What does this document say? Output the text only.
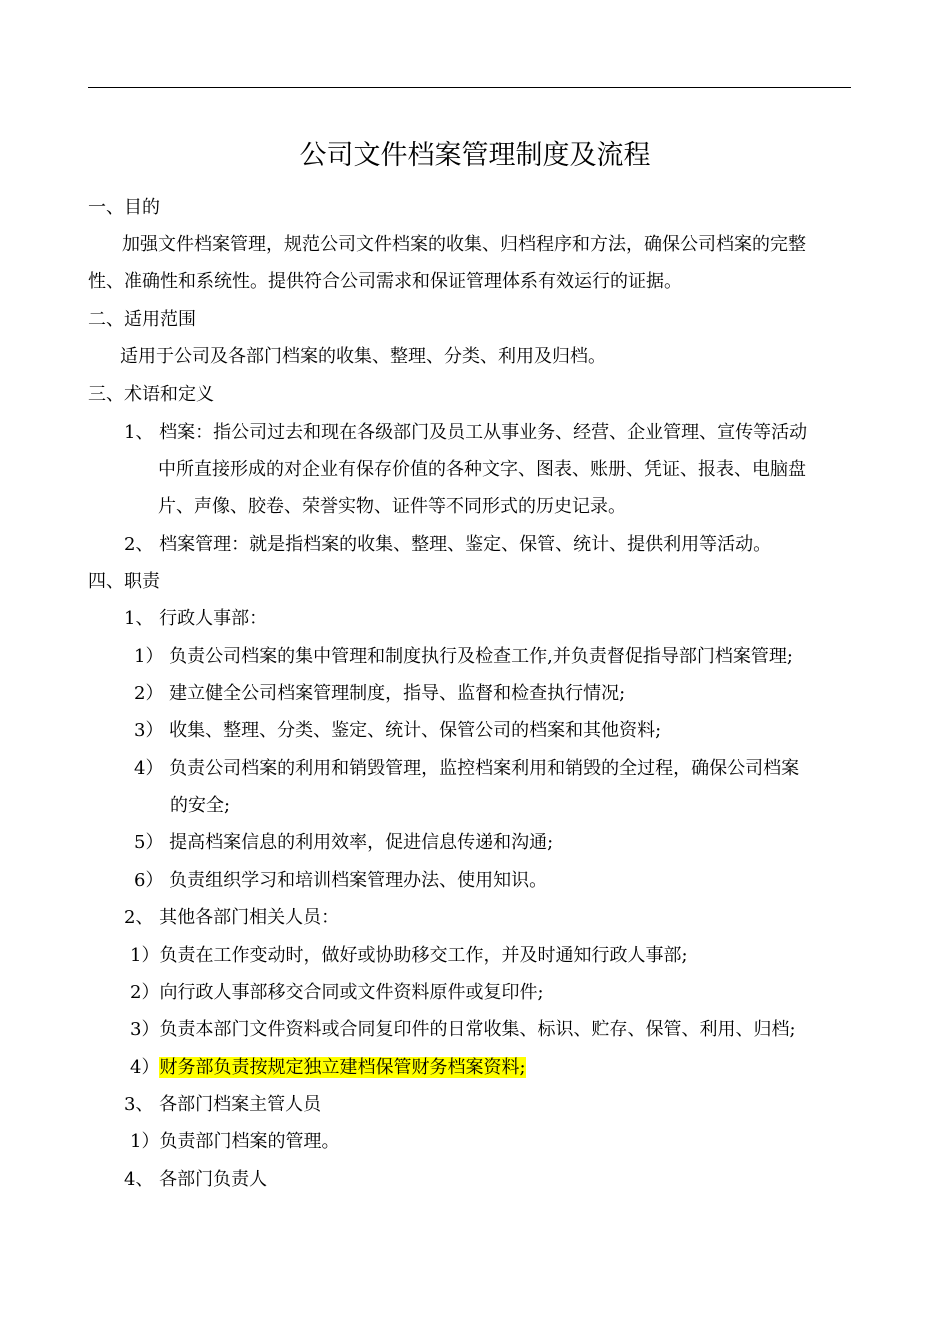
公司文件档案管理制度及流程

一、目的

加强文件档案管理，规范公司文件档案的收集、归档程序和方法，确保公司档案的完整

性、准确性和系统性。提供符合公司需求和保证管理体系有效运行的证据。

二、适用范围

适用于公司及各部门档案的收集、整理、分类、利用及归档。

三、术语和定义

1、 档案：指公司过去和现在各级部门及员工从事业务、经营、企业管理、宣传等活动

中所直接形成的对企业有保存价值的各种文字、图表、账册、凭证、报表、电脑盘

片、声像、胶卷、荣誉实物、证件等不同形式的历史记录。

2、 档案管理：就是指档案的收集、整理、鉴定、保管、统计、提供利用等活动。

四、职责

1、 行政人事部：

1） 负责公司档案的集中管理和制度执行及检查工作,并负责督促指导部门档案管理;

2） 建立健全公司档案管理制度，指导、监督和检查执行情况;

3） 收集、整理、分类、鉴定、统计、保管公司的档案和其他资料;

4） 负责公司档案的利用和销毁管理，监控档案利用和销毁的全过程，确保公司档案

的安全;

5） 提高档案信息的利用效率，促进信息传递和沟通;

6） 负责组织学习和培训档案管理办法、使用知识。

2、 其他各部门相关人员：

1）负责在工作变动时，做好或协助移交工作，并及时通知行政人事部;

2）向行政人事部移交合同或文件资料原件或复印件;

3）负责本部门文件资料或合同复印件的日常收集、标识、贮存、保管、利用、归档;

4）财务部负责按规定独立建档保管财务档案资料;

3、 各部门档案主管人员

1）负责部门档案的管理。

4、 各部门负责人
